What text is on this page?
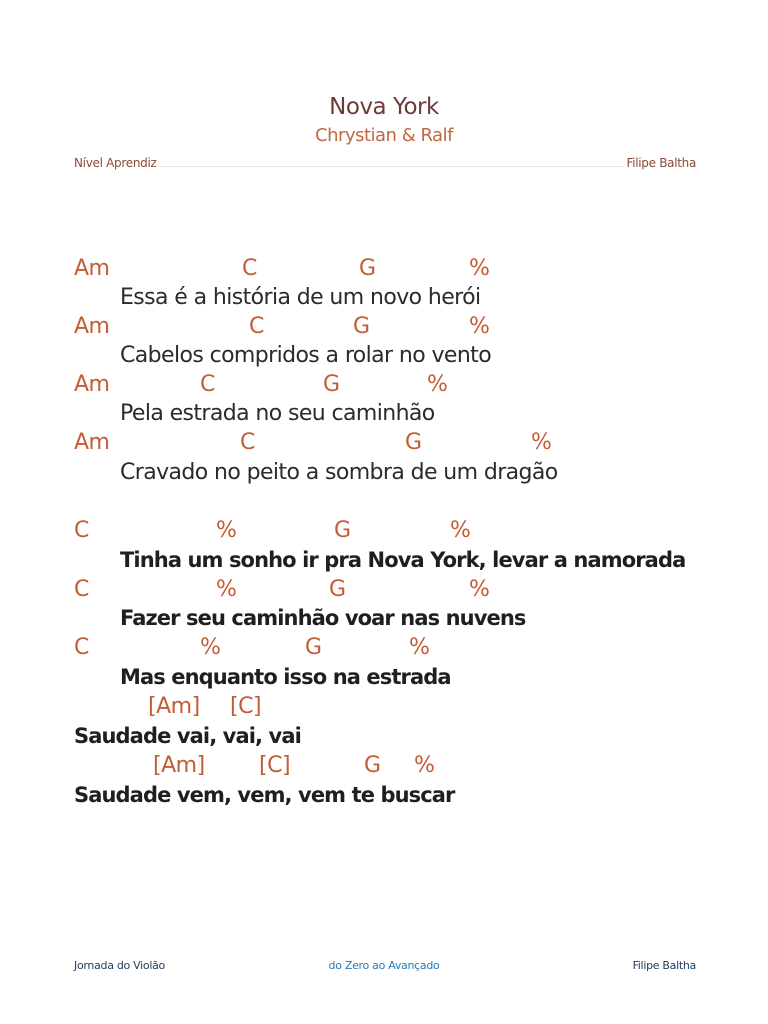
Nova York
Chrystian & Ralf
Nível Aprendiz	Filipe Baltha
Am	C	G	%
Essa é a história de um novo herói
Am	C	G	%
Cabelos compridos a rolar no vento
Am	C	G	%
Pela estrada no seu caminhão
Am	C	G	%
Cravado no peito a sombra de um dragão
C	%	G	%
Tinha um sonho ir pra Nova York, levar a namorada
C	%	G	%
Fazer seu caminhão voar nas nuvens
C	%	G	%
Mas enquanto isso na estrada
[Am] [C]
Saudade vai, vai, vai
[Am] [C]	G %
Saudade vem, vem, vem te buscar
Jornada do Violão	do Zero ao Avançado	Filipe Baltha
